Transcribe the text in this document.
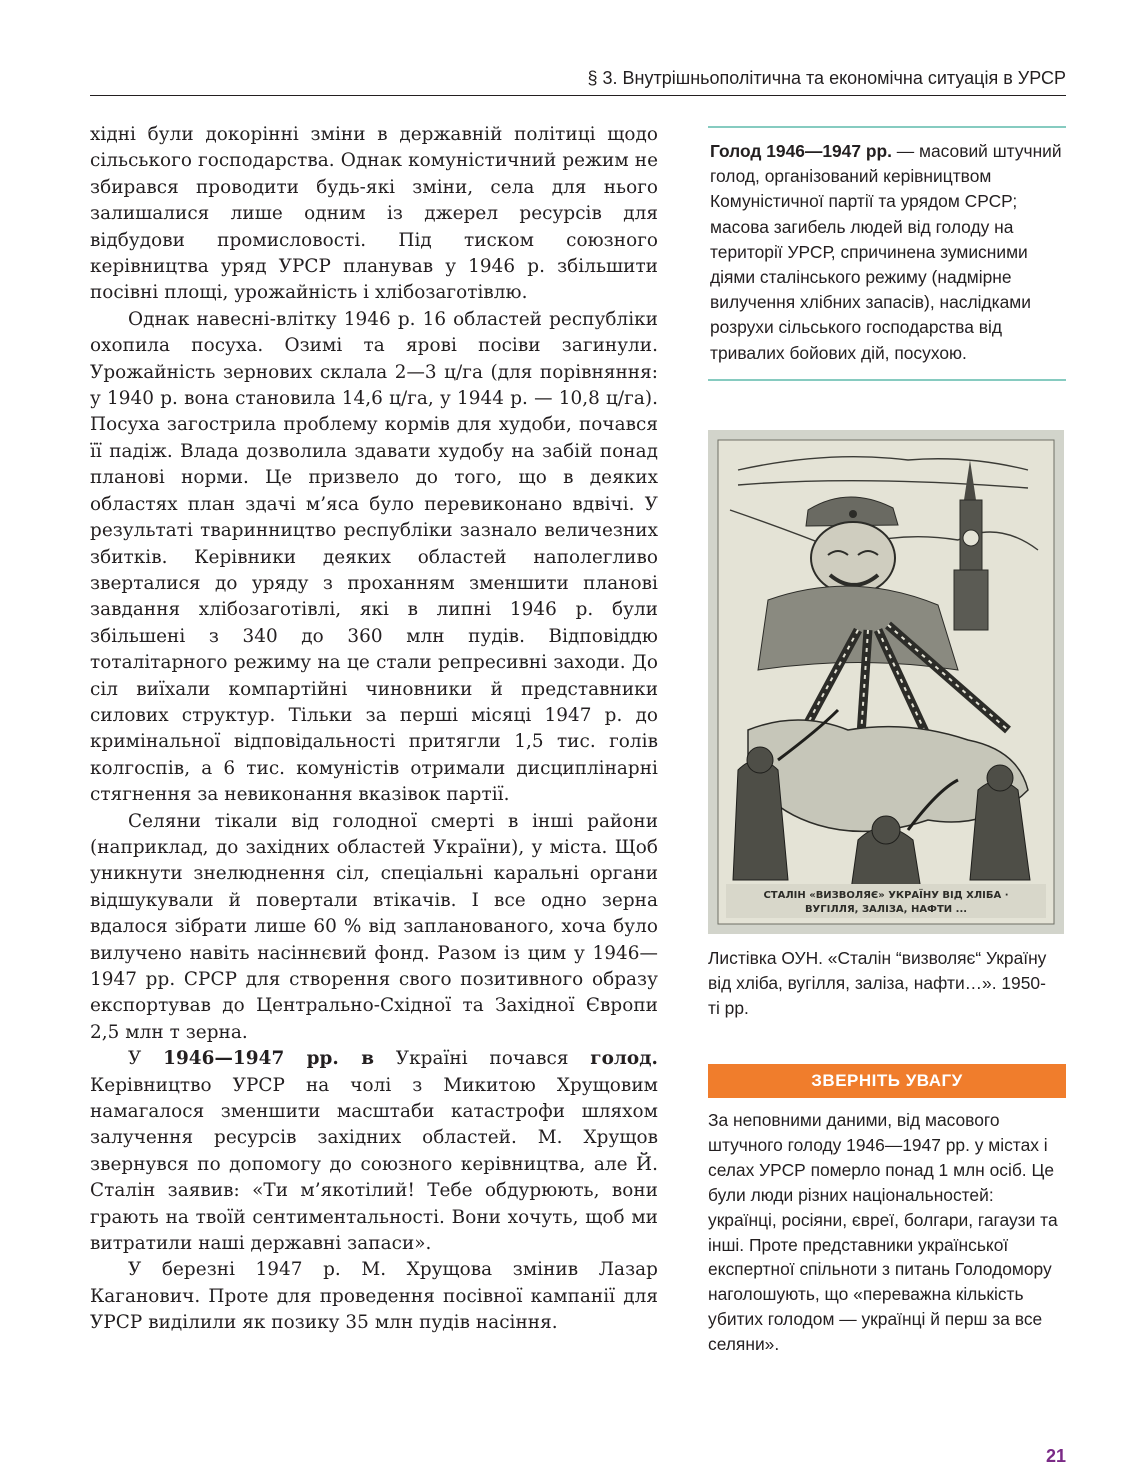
§ 3. Внутрішньополітична та економічна ситуація в УРСР

хідні були докорінні зміни в державній політиці щодо сільського господарства. Однак комуністичний режим не збирався проводити будь-які зміни, села для нього залишалися лише одним із джерел ресурсів для відбудови промисловості. Під тиском союзного керівництва уряд УРСР планував у 1946 р. збільшити посівні площі, урожайність і хлібозаготівлю.

Однак навесні-влітку 1946 р. 16 областей республіки охопила посуха. Озимі та ярові посіви загинули. Урожайність зернових склала 2—3 ц/га (для порівняння: у 1940 р. вона становила 14,6 ц/га, у 1944 р. — 10,8 ц/га). Посуха загострила проблему кормів для худоби, почався її падіж. Влада дозволила здавати худобу на забій понад планові норми. Це призвело до того, що в деяких областях план здачі м’яса було перевиконано вдвічі. У результаті тваринництво республіки зазнало величезних збитків. Керівники деяких областей наполегливо зверталися до уряду з проханням зменшити планові завдання хлібозаготівлі, які в липні 1946 р. були збільшені з 340 до 360 млн пудів. Відповіддю тоталітарного режиму на це стали репресивні заходи. До сіл виїхали компартійні чиновники й представники силових структур. Тільки за перші місяці 1947 р. до кримінальної відповідальності притягли 1,5 тис. голів колгоспів, а 6 тис. комуністів отримали дисциплінарні стягнення за невиконання вказівок партії.

Селяни тікали від голодної смерті в інші райони (наприклад, до західних областей України), у міста. Щоб уникнути знелюднення сіл, спеціальні каральні органи відшукували й повертали втікачів. І все одно зерна вдалося зібрати лише 60 % від запланованого, хоча було вилучено навіть насіннєвий фонд. Разом із цим у 1946—1947 рр. СРСР для створення свого позитивного образу експортував до Центрально-Східної та Західної Європи 2,5 млн т зерна.

У 1946—1947 рр. в Україні почався голод. Керівництво УРСР на чолі з Микитою Хрущовим намагалося зменшити масштаби катастрофи шляхом залучення ресурсів західних областей. М. Хрущов звернувся по допомогу до союзного керівництва, але Й. Сталін заявив: «Ти м’якотілий! Тебе обдурюють, вони грають на твоїй сентиментальності. Вони хочуть, щоб ми витратили наші державні запаси».

У березні 1947 р. М. Хрущова змінив Лазар Каганович. Проте для проведення посівної кампанії для УРСР виділили як позику 35 млн пудів насіння.

Голод 1946—1947 рр. — масовий штучний голод, організований керівництвом Комуністичної партії та урядом СРСР; масова загибель людей від голоду на території УРСР, спричинена зумисними діями сталінського режиму (надмірне вилучення хлібних запасів), наслідками розрухи сільського господарства від тривалих бойових дій, посухою.
СТАЛІН «ВИЗВОЛЯЄ» УКРАЇНУ ВІД ХЛІБА ·
ВУГІЛЛЯ, ЗАЛІЗА, НАФТИ ...
Листівка ОУН. «Сталін “визволяє“ Україну від хліба, вугілля, заліза, нафти…». 1950-ті рр.
ЗВЕРНІТЬ УВАГУ
За неповними даними, від масового штучного голоду 1946—1947 рр. у містах і селах УРСР померло понад 1 млн осіб. Це були люди різних національностей: українці, росіяни, євреї, болгари, гагаузи та інші. Проте представники української експертної спільноти з питань Голодомору наголошують, що «переважна кількість убитих голодом — українці й перш за все селяни».
21
